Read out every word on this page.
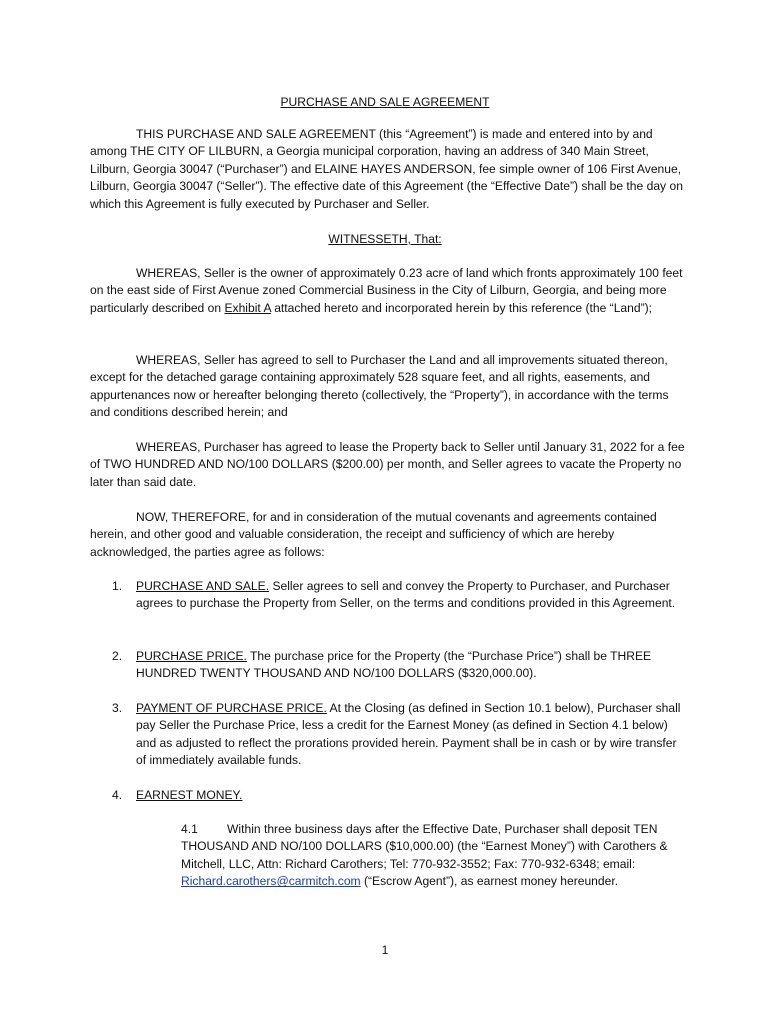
PURCHASE AND SALE AGREEMENT
THIS PURCHASE AND SALE AGREEMENT (this “Agreement”) is made and entered into by and among THE CITY OF LILBURN, a Georgia municipal corporation, having an address of 340 Main Street, Lilburn, Georgia 30047 (“Purchaser”) and ELAINE HAYES ANDERSON, fee simple owner of 106 First Avenue, Lilburn, Georgia 30047 (“Seller”). The effective date of this Agreement (the “Effective Date”) shall be the day on which this Agreement is fully executed by Purchaser and Seller.
WITNESSETH, That:
WHEREAS, Seller is the owner of approximately 0.23 acre of land which fronts approximately 100 feet on the east side of First Avenue zoned Commercial Business in the City of Lilburn, Georgia, and being more particularly described on Exhibit A attached hereto and incorporated herein by this reference (the “Land”);
WHEREAS, Seller has agreed to sell to Purchaser the Land and all improvements situated thereon, except for the detached garage containing approximately 528 square feet, and all rights, easements, and appurtenances now or hereafter belonging thereto (collectively, the “Property”), in accordance with the terms and conditions described herein; and
WHEREAS, Purchaser has agreed to lease the Property back to Seller until January 31, 2022 for a fee of TWO HUNDRED AND NO/100 DOLLARS ($200.00) per month, and Seller agrees to vacate the Property no later than said date.
NOW, THEREFORE, for and in consideration of the mutual covenants and agreements contained herein, and other good and valuable consideration, the receipt and sufficiency of which are hereby acknowledged, the parties agree as follows:
1. PURCHASE AND SALE. Seller agrees to sell and convey the Property to Purchaser, and Purchaser agrees to purchase the Property from Seller, on the terms and conditions provided in this Agreement.
2. PURCHASE PRICE. The purchase price for the Property (the “Purchase Price”) shall be THREE HUNDRED TWENTY THOUSAND AND NO/100 DOLLARS ($320,000.00).
3. PAYMENT OF PURCHASE PRICE. At the Closing (as defined in Section 10.1 below), Purchaser shall pay Seller the Purchase Price, less a credit for the Earnest Money (as defined in Section 4.1 below) and as adjusted to reflect the prorations provided herein. Payment shall be in cash or by wire transfer of immediately available funds.
4. EARNEST MONEY.
4.1 Within three business days after the Effective Date, Purchaser shall deposit TEN THOUSAND AND NO/100 DOLLARS ($10,000.00) (the “Earnest Money”) with Carothers & Mitchell, LLC, Attn: Richard Carothers; Tel: 770-932-3552; Fax: 770-932-6348; email: Richard.carothers@carmitch.com (“Escrow Agent”), as earnest money hereunder.
1
